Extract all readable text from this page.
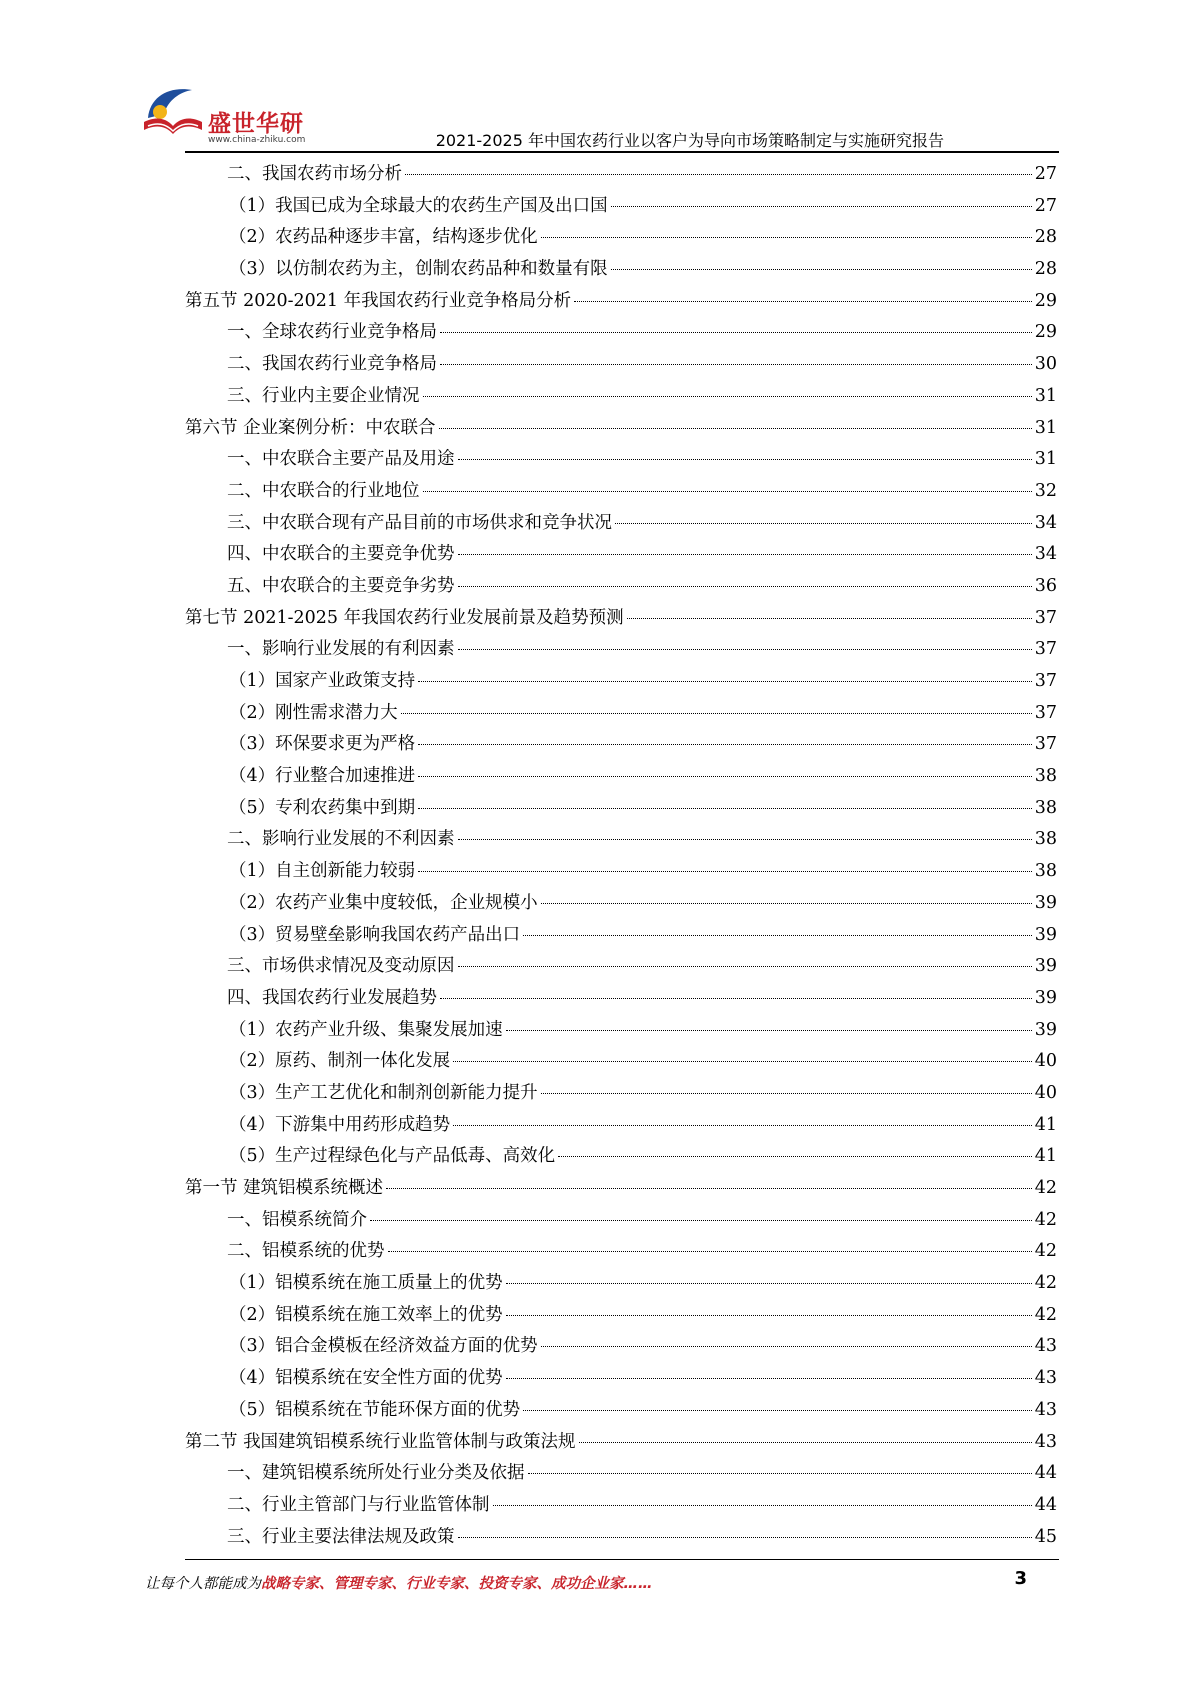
盛世华研
www.china-zhiku.com	2021-2025 年中国农药行业以客户为导向市场策略制定与实施研究报告
二、我国农药市场分析	27
（1）我国已成为全球最大的农药生产国及出口国	27
（2）农药品种逐步丰富，结构逐步优化	28
（3）以仿制农药为主，创制农药品种和数量有限	28
第五节 2020-2021 年我国农药行业竞争格局分析	29
一、全球农药行业竞争格局	29
二、我国农药行业竞争格局	30
三、行业内主要企业情况	31
第六节 企业案例分析：中农联合	31
一、中农联合主要产品及用途	31
二、中农联合的行业地位	32
三、中农联合现有产品目前的市场供求和竞争状况	34
四、中农联合的主要竞争优势	34
五、中农联合的主要竞争劣势	36
第七节 2021-2025 年我国农药行业发展前景及趋势预测	37
一、影响行业发展的有利因素	37
（1）国家产业政策支持	37
（2）刚性需求潜力大	37
（3）环保要求更为严格	37
（4）行业整合加速推进	38
（5）专利农药集中到期	38
二、影响行业发展的不利因素	38
（1）自主创新能力较弱	38
（2）农药产业集中度较低，企业规模小	39
（3）贸易壁垒影响我国农药产品出口	39
三、市场供求情况及变动原因	39
四、我国农药行业发展趋势	39
（1）农药产业升级、集聚发展加速	39
（2）原药、制剂一体化发展	40
（3）生产工艺优化和制剂创新能力提升	40
（4）下游集中用药形成趋势	41
（5）生产过程绿色化与产品低毒、高效化	41
第一节 建筑铝模系统概述	42
一、铝模系统简介	42
二、铝模系统的优势	42
（1）铝模系统在施工质量上的优势	42
（2）铝模系统在施工效率上的优势	42
（3）铝合金模板在经济效益方面的优势	43
（4）铝模系统在安全性方面的优势	43
（5）铝模系统在节能环保方面的优势	43
第二节 我国建筑铝模系统行业监管体制与政策法规	43
一、建筑铝模系统所处行业分类及依据	44
二、行业主管部门与行业监管体制	44
三、行业主要法律法规及政策	45
让每个人都能成为战略专家、管理专家、行业专家、投资专家、成功企业家……	3
